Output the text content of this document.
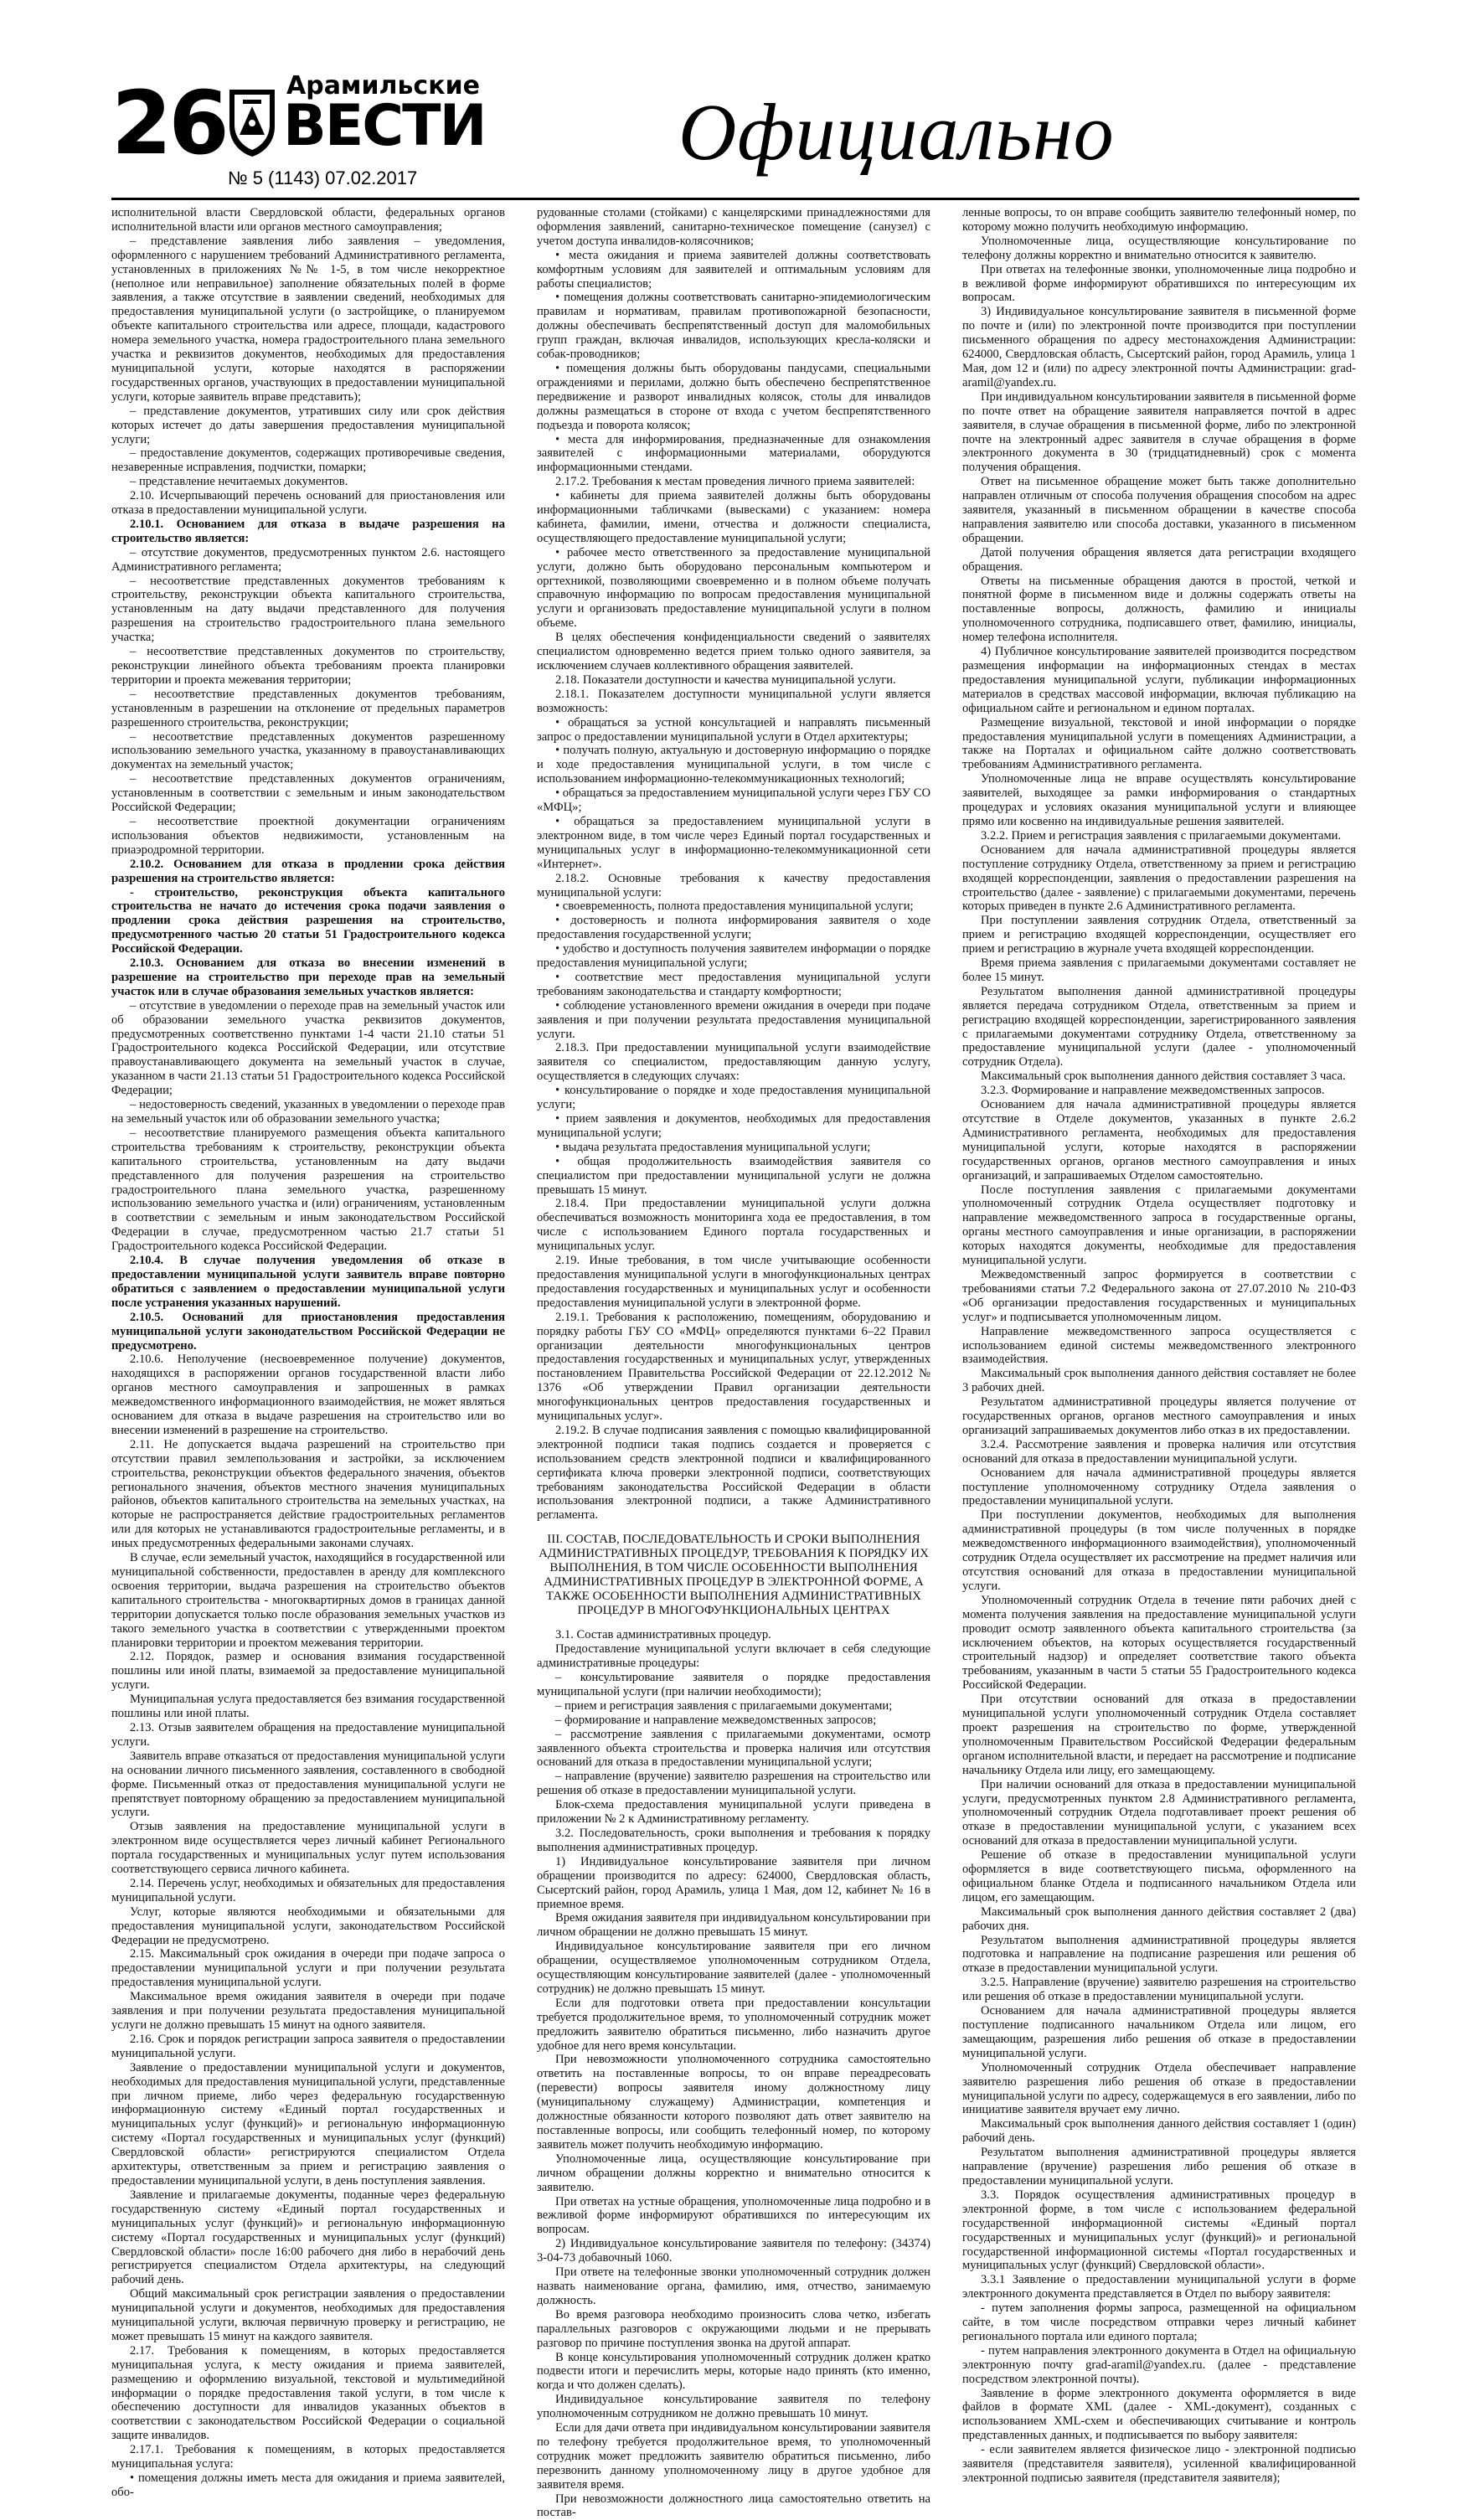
26 Арамильские
ВЕСТИ
№ 5 (1143) 07.02.2017
Официально

исполнительной власти Свердловской области, федеральных органов исполнительной власти или органов местного самоуправления;

– представление заявления либо заявления – уведомления, оформленного с нарушением требований Административного регламента, установленных в приложениях №№ 1-5, в том числе некорректное (неполное или неправильное) заполнение обязательных полей в форме заявления, а также отсутствие в заявлении сведений, необходимых для предоставления муниципальной услуги (о застройщике, о планируемом объекте капитального строительства или адресе, площади, кадастрового номера земельного участка, номера градостроительного плана земельного участка и реквизитов документов, необходимых для предоставления муниципальной услуги, которые находятся в распоряжении государственных органов, участвующих в предоставлении муниципальной услуги, которые заявитель вправе представить);

– представление документов, утративших силу или срок действия которых истечет до даты завершения предоставления муниципальной услуги;

– предоставление документов, содержащих противоречивые сведения, незаверенные исправления, подчистки, помарки;

– представление нечитаемых документов.

2.10. Исчерпывающий перечень оснований для приостановления или отказа в предоставлении муниципальной услуги.

2.10.1. Основанием для отказа в выдаче разрешения на строительство является:

– отсутствие документов, предусмотренных пунктом 2.6. настоящего Административного регламента;

– несоответствие представленных документов требованиям к строительству, реконструкции объекта капитального строительства, установленным на дату выдачи представленного для получения разрешения на строительство градостроительного плана земельного участка;

– несоответствие представленных документов по строительству, реконструкции линейного объекта требованиям проекта планировки территории и проекта межевания территории;

– несоответствие представленных документов требованиям, установленным в разрешении на отклонение от предельных параметров разрешенного строительства, реконструкции;

– несоответствие представленных документов разрешенному использованию земельного участка, указанному в правоустанавливающих документах на земельный участок;

– несоответствие представленных документов ограничениям, установленным в соответствии с земельным и иным законодательством Российской Федерации;

– несоответствие проектной документации ограничениям использования объектов недвижимости, установленным на приаэродромной территории.

2.10.2. Основанием для отказа в продлении срока действия разрешения на строительство является:

- строительство, реконструкция объекта капитального строительства не начато до истечения срока подачи заявления о продлении срока действия разрешения на строительство, предусмотренного частью 20 статьи 51 Градостроительного кодекса Российской Федерации.

2.10.3. Основанием для отказа во внесении изменений в разрешение на строительство при переходе прав на земельный участок или в случае образования земельных участков является:

– отсутствие в уведомлении о переходе прав на земельный участок или об образовании земельного участка реквизитов документов, предусмотренных соответственно пунктами 1-4 части 21.10 статьи 51 Градостроительного кодекса Российской Федерации, или отсутствие правоустанавливающего документа на земельный участок в случае, указанном в части 21.13 статьи 51 Градостроительного кодекса Российской Федерации;

– недостоверность сведений, указанных в уведомлении о переходе прав на земельный участок или об образовании земельного участка;

– несоответствие планируемого размещения объекта капитального строительства требованиям к строительству, реконструкции объекта капитального строительства, установленным на дату выдачи представленного для получения разрешения на строительство градостроительного плана земельного участка, разрешенному использованию земельного участка и (или) ограничениям, установленным в соответствии с земельным и иным законодательством Российской Федерации в случае, предусмотренном частью 21.7 статьи 51 Градостроительного кодекса Российской Федерации.

2.10.4. В случае получения уведомления об отказе в предоставлении муниципальной услуги заявитель вправе повторно обратиться с заявлением о предоставлении муниципальной услуги после устранения указанных нарушений.

2.10.5. Оснований для приостановления предоставления муниципальной услуги законодательством Российской Федерации не предусмотрено.

2.10.6. Неполучение (несвоевременное получение) документов, находящихся в распоряжении органов государственной власти либо органов местного самоуправления и запрошенных в рамках межведомственного информационного взаимодействия, не может являться основанием для отказа в выдаче разрешения на строительство или во внесении изменений в разрешение на строительство.

2.11. Не допускается выдача разрешений на строительство при отсутствии правил землепользования и застройки, за исключением строительства, реконструкции объектов федерального значения, объектов регионального значения, объектов местного значения муниципальных районов, объектов капитального строительства на земельных участках, на которые не распространяется действие градостроительных регламентов или для которых не устанавливаются градостроительные регламенты, и в иных предусмотренных федеральными законами случаях.

В случае, если земельный участок, находящийся в государственной или муниципальной собственности, предоставлен в аренду для комплексного освоения территории, выдача разрешения на строительство объектов капитального строительства - многоквартирных домов в границах данной территории допускается только после образования земельных участков из такого земельного участка в соответствии с утвержденными проектом планировки территории и проектом межевания территории.

2.12. Порядок, размер и основания взимания государственной пошлины или иной платы, взимаемой за предоставление муниципальной услуги.

Муниципальная услуга предоставляется без взимания государственной пошлины или иной платы.

2.13. Отзыв заявителем обращения на предоставление муниципальной услуги.

Заявитель вправе отказаться от предоставления муниципальной услуги на основании личного письменного заявления, составленного в свободной форме. Письменный отказ от предоставления муниципальной услуги не препятствует повторному обращению за предоставлением муниципальной услуги.

Отзыв заявления на предоставление муниципальной услуги в электронном виде осуществляется через личный кабинет Регионального портала государственных и муниципальных услуг путем использования соответствующего сервиса личного кабинета.

2.14. Перечень услуг, необходимых и обязательных для предоставления муниципальной услуги.

Услуг, которые являются необходимыми и обязательными для предоставления муниципальной услуги, законодательством Российской Федерации не предусмотрено.

2.15. Максимальный срок ожидания в очереди при подаче запроса о предоставлении муниципальной услуги и при получении результата предоставления муниципальной услуги.

Максимальное время ожидания заявителя в очереди при подаче заявления и при получении результата предоставления муниципальной услуги не должно превышать 15 минут на одного заявителя.

2.16. Срок и порядок регистрации запроса заявителя о предоставлении муниципальной услуги.

Заявление о предоставлении муниципальной услуги и документов, необходимых для предоставления муниципальной услуги, представленные при личном приеме, либо через федеральную государственную информационную систему «Единый портал государственных и муниципальных услуг (функций)» и региональную информационную систему «Портал государственных и муниципальных услуг (функций) Свердловской области» регистрируются специалистом Отдела архитектуры, ответственным за прием и регистрацию заявления о предоставлении муниципальной услуги, в день поступления заявления.

Заявление и прилагаемые документы, поданные через федеральную государственную систему «Единый портал государственных и муниципальных услуг (функций)» и региональную информационную систему «Портал государственных и муниципальных услуг (функций) Свердловской области» после 16:00 рабочего дня либо в нерабочий день регистрируется специалистом Отдела архитектуры, на следующий рабочий день.

Общий максимальный срок регистрации заявления о предоставлении муниципальной услуги и документов, необходимых для предоставления муниципальной услуги, включая первичную проверку и регистрацию, не может превышать 15 минут на каждого заявителя.

2.17. Требования к помещениям, в которых предоставляется муниципальная услуга, к месту ожидания и приема заявителей, размещению и оформлению визуальной, текстовой и мультимедийной информации о порядке предоставления такой услуги, в том числе к обеспечению доступности для инвалидов указанных объектов в соответствии с законодательством Российской Федерации о социальной защите инвалидов.

2.17.1. Требования к помещениям, в которых предоставляется муниципальная услуга:

• помещения должны иметь места для ожидания и приема заявителей, обо-

рудованные столами (стойками) с канцелярскими принадлежностями для оформления заявлений, санитарно-техническое помещение (санузел) с учетом доступа инвалидов-колясочников;

• места ожидания и приема заявителей должны соответствовать комфортным условиям для заявителей и оптимальным условиям для работы специалистов;

• помещения должны соответствовать санитарно-эпидемиологическим правилам и нормативам, правилам противопожарной безопасности, должны обеспечивать беспрепятственный доступ для маломобильных групп граждан, включая инвалидов, использующих кресла-коляски и собак-проводников;

• помещения должны быть оборудованы пандусами, специальными ограждениями и перилами, должно быть обеспечено беспрепятственное передвижение и разворот инвалидных колясок, столы для инвалидов должны размещаться в стороне от входа с учетом беспрепятственного подъезда и поворота колясок;

• места для информирования, предназначенные для ознакомления заявителей с информационными материалами, оборудуются информационными стендами.

2.17.2. Требования к местам проведения личного приема заявителей:

• кабинеты для приема заявителей должны быть оборудованы информационными табличками (вывесками) с указанием: номера кабинета, фамилии, имени, отчества и должности специалиста, осуществляющего предоставление муниципальной услуги;

• рабочее место ответственного за предоставление муниципальной услуги, должно быть оборудовано персональным компьютером и оргтехникой, позволяющими своевременно и в полном объеме получать справочную информацию по вопросам предоставления муниципальной услуги и организовать предоставление муниципальной услуги в полном объеме.

В целях обеспечения конфиденциальности сведений о заявителях специалистом одновременно ведется прием только одного заявителя, за исключением случаев коллективного обращения заявителей.

2.18. Показатели доступности и качества муниципальной услуги.

2.18.1. Показателем доступности муниципальной услуги является возможность:

• обращаться за устной консультацией и направлять письменный запрос о предоставлении муниципальной услуги в Отдел архитектуры;

• получать полную, актуальную и достоверную информацию о порядке и ходе предоставления муниципальной услуги, в том числе с использованием информационно-телекоммуникационных технологий;

• обращаться за предоставлением муниципальной услуги через ГБУ СО «МФЦ»;

• обращаться за предоставлением муниципальной услуги в электронном виде, в том числе через Единый портал государственных и муниципальных услуг в информационно-телекоммуникационной сети «Интернет».

2.18.2. Основные требования к качеству предоставления муниципальной услуги:

• своевременность, полнота предоставления муниципальной услуги;

• достоверность и полнота информирования заявителя о ходе предоставления государственной услуги;

• удобство и доступность получения заявителем информации о порядке предоставления муниципальной услуги;

• соответствие мест предоставления муниципальной услуги требованиям законодательства и стандарту комфортности;

• соблюдение установленного времени ожидания в очереди при подаче заявления и при получении результата предоставления муниципальной услуги.

2.18.3. При предоставлении муниципальной услуги взаимодействие заявителя со специалистом, предоставляющим данную услугу, осуществляется в следующих случаях:

• консультирование о порядке и ходе предоставления муниципальной услуги;

• прием заявления и документов, необходимых для предоставления муниципальной услуги;

• выдача результата предоставления муниципальной услуги;

• общая продолжительность взаимодействия заявителя со специалистом при предоставлении муниципальной услуги не должна превышать 15 минут.

2.18.4. При предоставлении муниципальной услуги должна обеспечиваться возможность мониторинга хода ее предоставления, в том числе с использованием Единого портала государственных и муниципальных услуг.

2.19. Иные требования, в том числе учитывающие особенности предоставления муниципальной услуги в многофункциональных центрах предоставления государственных и муниципальных услуг и особенности предоставления муниципальной услуги в электронной форме.

2.19.1. Требования к расположению, помещениям, оборудованию и порядку работы ГБУ СО «МФЦ» определяются пунктами 6–22 Правил организации деятельности многофункциональных центров предоставления государственных и муниципальных услуг, утвержденных постановлением Правительства Российской Федерации от 22.12.2012 № 1376 «Об утверждении Правил организации деятельности многофункциональных центров предоставления государственных и муниципальных услуг».

2.19.2. В случае подписания заявления с помощью квалифицированной электронной подписи такая подпись создается и проверяется с использованием средств электронной подписи и квалифицированного сертификата ключа проверки электронной подписи, соответствующих требованиям законодательства Российской Федерации в области использования электронной подписи, а также Административного регламента.

III. СОСТАВ, ПОСЛЕДОВАТЕЛЬНОСТЬ И СРОКИ ВЫПОЛНЕНИЯ АДМИНИСТРАТИВНЫХ ПРОЦЕДУР, ТРЕБОВАНИЯ К ПОРЯДКУ ИХ ВЫПОЛНЕНИЯ, В ТОМ ЧИСЛЕ ОСОБЕННОСТИ ВЫПОЛНЕНИЯ АДМИНИСТРАТИВНЫХ ПРОЦЕДУР В ЭЛЕКТРОННОЙ ФОРМЕ, А ТАКЖЕ ОСОБЕННОСТИ ВЫПОЛНЕНИЯ АДМИНИСТРАТИВНЫХ ПРОЦЕДУР В МНОГОФУНКЦИОНАЛЬНЫХ ЦЕНТРАХ

3.1. Состав административных процедур.

Предоставление муниципальной услуги включает в себя следующие административные процедуры:

– консультирование заявителя о порядке предоставления муниципальной услуги (при наличии необходимости);

– прием и регистрация заявления с прилагаемыми документами;

– формирование и направление межведомственных запросов;

– рассмотрение заявления с прилагаемыми документами, осмотр заявленного объекта строительства и проверка наличия или отсутствия оснований для отказа в предоставлении муниципальной услуги;

– направление (вручение) заявителю разрешения на строительство или решения об отказе в предоставлении муниципальной услуги.

Блок-схема предоставления муниципальной услуги приведена в приложении № 2 к Административному регламенту.

3.2. Последовательность, сроки выполнения и требования к порядку выполнения административных процедур.

1) Индивидуальное консультирование заявителя при личном обращении производится по адресу: 624000, Свердловская область, Сысертский район, город Арамиль, улица 1 Мая, дом 12, кабинет № 16 в приемное время.

Время ожидания заявителя при индивидуальном консультировании при личном обращении не должно превышать 15 минут.

Индивидуальное консультирование заявителя при его личном обращении, осуществляемое уполномоченным сотрудником Отдела, осуществляющим консультирование заявителей (далее - уполномоченный сотрудник) не должно превышать 15 минут.

Если для подготовки ответа при предоставлении консультации требуется продолжительное время, то уполномоченный сотрудник может предложить заявителю обратиться письменно, либо назначить другое удобное для него время консультации.

При невозможности уполномоченного сотрудника самостоятельно ответить на поставленные вопросы, то он вправе переадресовать (перевести) вопросы заявителя иному должностному лицу (муниципальному служащему) Администрации, компетенция и должностные обязанности которого позволяют дать ответ заявителю на поставленные вопросы, или сообщить телефонный номер, по которому заявитель может получить необходимую информацию.

Уполномоченные лица, осуществляющие консультирование при личном обращении должны корректно и внимательно относится к заявителю.

При ответах на устные обращения, уполномоченные лица подробно и в вежливой форме информируют обратившихся по интересующим их вопросам.

2) Индивидуальное консультирование заявителя по телефону: (34374) 3-04-73 добавочный 1060.

При ответе на телефонные звонки уполномоченный сотрудник должен назвать наименование органа, фамилию, имя, отчество, занимаемую должность.

Во время разговора необходимо произносить слова четко, избегать параллельных разговоров с окружающими людьми и не прерывать разговор по причине поступления звонка на другой аппарат.

В конце консультирования уполномоченный сотрудник должен кратко подвести итоги и перечислить меры, которые надо принять (кто именно, когда и что должен сделать).

Индивидуальное консультирование заявителя по телефону уполномоченным сотрудником не должно превышать 10 минут.

Если для дачи ответа при индивидуальном консультировании заявителя по телефону требуется продолжительное время, то уполномоченный сотрудник может предложить заявителю обратиться письменно, либо перезвонить данному уполномоченному лицу в другое удобное для заявителя время.

При невозможности должностного лица самостоятельно ответить на постав-

ленные вопросы, то он вправе сообщить заявителю телефонный номер, по которому можно получить необходимую информацию.

Уполномоченные лица, осуществляющие консультирование по телефону должны корректно и внимательно относится к заявителю.

При ответах на телефонные звонки, уполномоченные лица подробно и в вежливой форме информируют обратившихся по интересующим их вопросам.

3) Индивидуальное консультирование заявителя в письменной форме по почте и (или) по электронной почте производится при поступлении письменного обращения по адресу местонахождения Администрации: 624000, Свердловская область, Сысертский район, город Арамиль, улица 1 Мая, дом 12 и (или) по адресу электронной почты Администрации: grad-aramil@yandex.ru.

При индивидуальном консультировании заявителя в письменной форме по почте ответ на обращение заявителя направляется почтой в адрес заявителя, в случае обращения в письменной форме, либо по электронной почте на электронный адрес заявителя в случае обращения в форме электронного документа в 30 (тридцатидневный) срок с момента получения обращения.

Ответ на письменное обращение может быть также дополнительно направлен отличным от способа получения обращения способом на адрес заявителя, указанный в письменном обращении в качестве способа направления заявителю или способа доставки, указанного в письменном обращении.

Датой получения обращения является дата регистрации входящего обращения.

Ответы на письменные обращения даются в простой, четкой и понятной форме в письменном виде и должны содержать ответы на поставленные вопросы, должность, фамилию и инициалы уполномоченного сотрудника, подписавшего ответ, фамилию, инициалы, номер телефона исполнителя.

4) Публичное консультирование заявителей производится посредством размещения информации на информационных стендах в местах предоставления муниципальной услуги, публикации информационных материалов в средствах массовой информации, включая публикацию на официальном сайте и региональном и едином порталах.

Размещение визуальной, текстовой и иной информации о порядке предоставления муниципальной услуги в помещениях Администрации, а также на Порталах и официальном сайте должно соответствовать требованиям Административного регламента.

Уполномоченные лица не вправе осуществлять консультирование заявителей, выходящее за рамки информирования о стандартных процедурах и условиях оказания муниципальной услуги и влияющее прямо или косвенно на индивидуальные решения заявителей.

3.2.2. Прием и регистрация заявления с прилагаемыми документами.

Основанием для начала административной процедуры является поступление сотруднику Отдела, ответственному за прием и регистрацию входящей корреспонденции, заявления о предоставлении разрешения на строительство (далее - заявление) с прилагаемыми документами, перечень которых приведен в пункте 2.6 Административного регламента.

При поступлении заявления сотрудник Отдела, ответственный за прием и регистрацию входящей корреспонденции, осуществляет его прием и регистрацию в журнале учета входящей корреспонденции.

Время приема заявления с прилагаемыми документами составляет не более 15 минут.

Результатом выполнения данной административной процедуры является передача сотрудником Отдела, ответственным за прием и регистрацию входящей корреспонденции, зарегистрированного заявления с прилагаемыми документами сотруднику Отдела, ответственному за предоставление муниципальной услуги (далее - уполномоченный сотрудник Отдела).

Максимальный срок выполнения данного действия составляет 3 часа.

3.2.3. Формирование и направление межведомственных запросов.

Основанием для начала административной процедуры является отсутствие в Отделе документов, указанных в пункте 2.6.2 Административного регламента, необходимых для предоставления муниципальной услуги, которые находятся в распоряжении государственных органов, органов местного самоуправления и иных организаций, и запрашиваемых Отделом самостоятельно.

После поступления заявления с прилагаемыми документами уполномоченный сотрудник Отдела осуществляет подготовку и направление межведомственного запроса в государственные органы, органы местного самоуправления и иные организации, в распоряжении которых находятся документы, необходимые для предоставления муниципальной услуги.

Межведомственный запрос формируется в соответствии с требованиями статьи 7.2 Федерального закона от 27.07.2010 № 210-ФЗ «Об организации предоставления государственных и муниципальных услуг» и подписывается уполномоченным лицом.

Направление межведомственного запроса осуществляется с использованием единой системы межведомственного электронного взаимодействия.

Максимальный срок выполнения данного действия составляет не более 3 рабочих дней.

Результатом административной процедуры является получение от государственных органов, органов местного самоуправления и иных организаций запрашиваемых документов либо отказ в их предоставлении.

3.2.4. Рассмотрение заявления и проверка наличия или отсутствия оснований для отказа в предоставлении муниципальной услуги.

Основанием для начала административной процедуры является поступление уполномоченному сотруднику Отдела заявления о предоставлении муниципальной услуги.

При поступлении документов, необходимых для выполнения административной процедуры (в том числе полученных в порядке межведомственного информационного взаимодействия), уполномоченный сотрудник Отдела осуществляет их рассмотрение на предмет наличия или отсутствия оснований для отказа в предоставлении муниципальной услуги.

Уполномоченный сотрудник Отдела в течение пяти рабочих дней с момента получения заявления на предоставление муниципальной услуги проводит осмотр заявленного объекта капитального строительства (за исключением объектов, на которых осуществляется государственный строительный надзор) и определяет соответствие такого объекта требованиям, указанным в части 5 статьи 55 Градостроительного кодекса Российской Федерации.

При отсутствии оснований для отказа в предоставлении муниципальной услуги уполномоченный сотрудник Отдела составляет проект разрешения на строительство по форме, утвержденной уполномоченным Правительством Российской Федерации федеральным органом исполнительной власти, и передает на рассмотрение и подписание начальнику Отдела или лицу, его замещающему.

При наличии оснований для отказа в предоставлении муниципальной услуги, предусмотренных пунктом 2.8 Административного регламента, уполномоченный сотрудник Отдела подготавливает проект решения об отказе в предоставлении муниципальной услуги, с указанием всех оснований для отказа в предоставлении муниципальной услуги.

Решение об отказе в предоставлении муниципальной услуги оформляется в виде соответствующего письма, оформленного на официальном бланке Отдела и подписанного начальником Отдела или лицом, его замещающим.

Максимальный срок выполнения данного действия составляет 2 (два) рабочих дня.

Результатом выполнения административной процедуры является подготовка и направление на подписание разрешения или решения об отказе в предоставлении муниципальной услуги.

3.2.5. Направление (вручение) заявителю разрешения на строительство или решения об отказе в предоставлении муниципальной услуги.

Основанием для начала административной процедуры является поступление подписанного начальником Отдела или лицом, его замещающим, разрешения либо решения об отказе в предоставлении муниципальной услуги.

Уполномоченный сотрудник Отдела обеспечивает направление заявителю разрешения либо решения об отказе в предоставлении муниципальной услуги по адресу, содержащемуся в его заявлении, либо по инициативе заявителя вручает ему лично.

Максимальный срок выполнения данного действия составляет 1 (один) рабочий день.

Результатом выполнения административной процедуры является направление (вручение) разрешения либо решения об отказе в предоставлении муниципальной услуги.

3.3. Порядок осуществления административных процедур в электронной форме, в том числе с использованием федеральной государственной информационной системы «Единый портал государственных и муниципальных услуг (функций)» и региональной государственной информационной системы «Портал государственных и муниципальных услуг (функций) Свердловской области».

3.3.1 Заявление о предоставлении муниципальной услуги в форме электронного документа представляется в Отдел по выбору заявителя:

- путем заполнения формы запроса, размещенной на официальном сайте, в том числе посредством отправки через личный кабинет регионального портала или единого портала;

- путем направления электронного документа в Отдел на официальную электронную почту grad-aramil@yandex.ru. (далее - представление посредством электронной почты).

Заявление в форме электронного документа оформляется в виде файлов в формате XML (далее - XML-документ), созданных с использованием XML-схем и обеспечивающих считывание и контроль представленных данных, и подписывается по выбору заявителя:

- если заявителем является физическое лицо - электронной подписью заявителя (представителя заявителя), усиленной квалифицированной электронной подписью заявителя (представителя заявителя);
